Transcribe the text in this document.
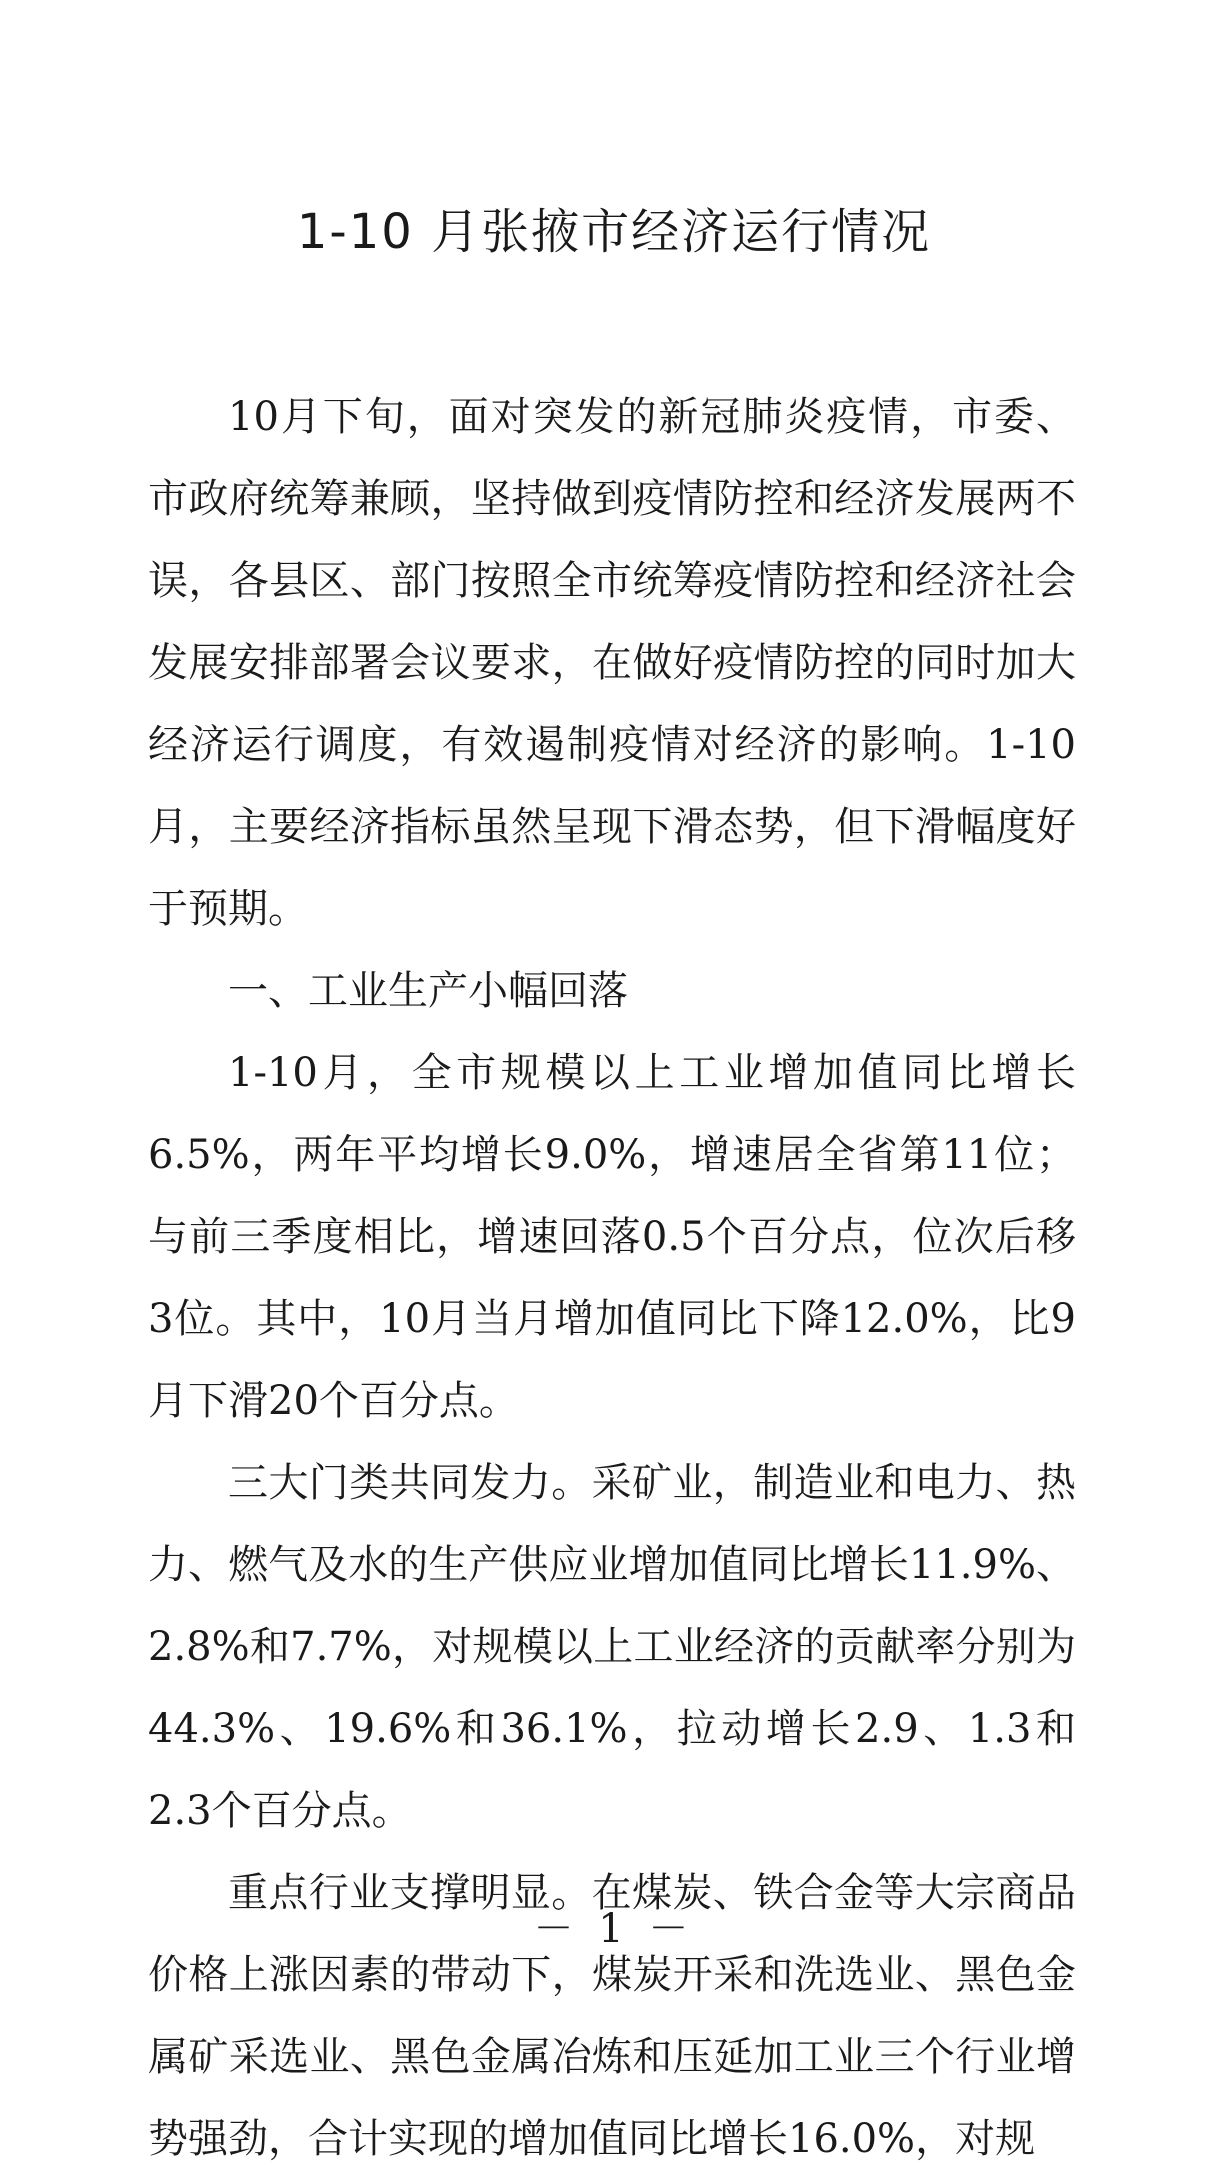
1-10 月张掖市经济运行情况

10月下旬，面对突发的新冠肺炎疫情，市委、市政府统筹兼顾，坚持做到疫情防控和经济发展两不误，各县区、部门按照全市统筹疫情防控和经济社会发展安排部署会议要求，在做好疫情防控的同时加大经济运行调度，有效遏制疫情对经济的影响。1-10月，主要经济指标虽然呈现下滑态势，但下滑幅度好于预期。

一、工业生产小幅回落

1-10月，全市规模以上工业增加值同比增长6.5%，两年平均增长9.0%，增速居全省第11位；与前三季度相比，增速回落0.5个百分点，位次后移3位。其中，10月当月增加值同比下降12.0%，比9月下滑20个百分点。

三大门类共同发力。采矿业，制造业和电力、热力、燃气及水的生产供应业增加值同比增长11.9%、2.8%和7.7%，对规模以上工业经济的贡献率分别为44.3%、19.6%和36.1%，拉动增长2.9、1.3和2.3个百分点。

重点行业支撑明显。在煤炭、铁合金等大宗商品价格上涨因素的带动下，煤炭开采和洗选业、黑色金属矿采选业、黑色金属冶炼和压延加工业三个行业增势强劲，合计实现的增加值同比增长16.0%，对规

－ 1 －
